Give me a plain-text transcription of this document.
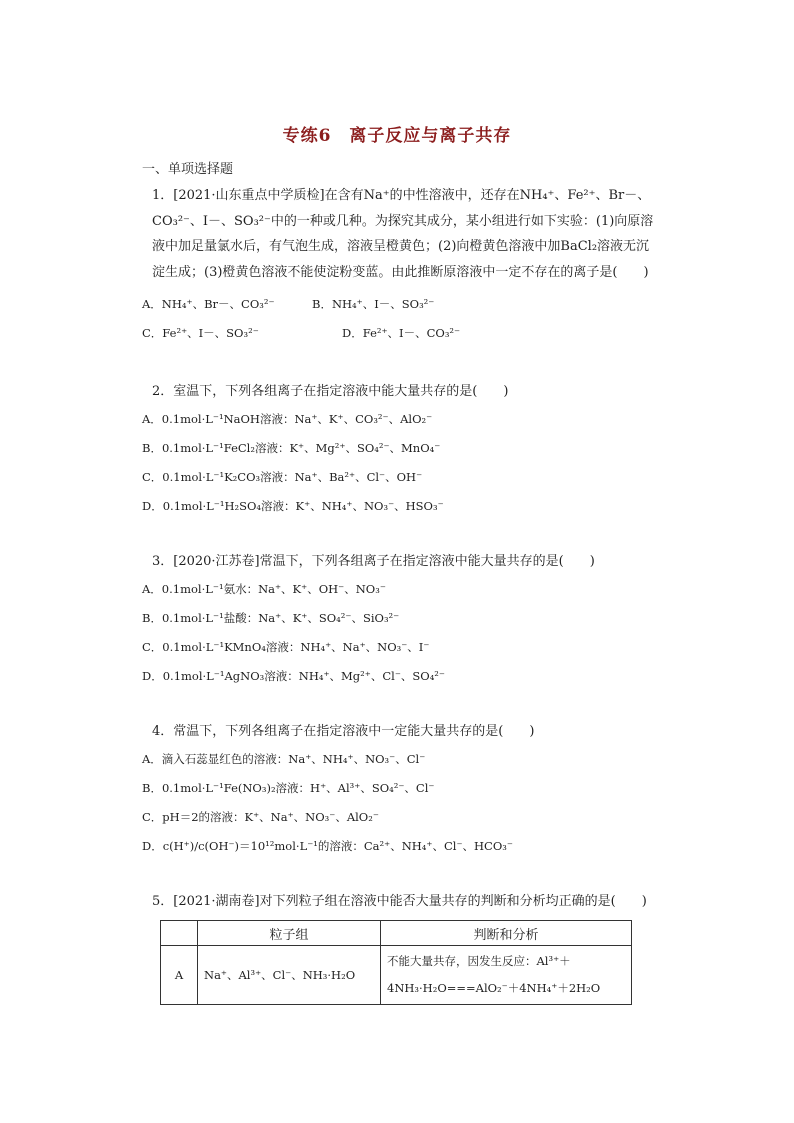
专练6　离子反应与离子共存
一、单项选择题
1．[2021·山东重点中学质检]在含有Na⁺的中性溶液中，还存在NH₄⁺、Fe²⁺、Br－、CO₃²⁻、I－、SO₃²⁻中的一种或几种。为探究其成分，某小组进行如下实验：(1)向原溶液中加足量氯水后，有气泡生成，溶液呈橙黄色；(2)向橙黄色溶液中加BaCl₂溶液无沉淀生成；(3)橙黄色溶液不能使淀粉变蓝。由此推断原溶液中一定不存在的离子是(　　)
A．NH₄⁺、Br－、CO₃²⁻	B．NH₄⁺、I－、SO₃²⁻
C．Fe²⁺、I－、SO₃²⁻	D．Fe²⁺、I－、CO₃²⁻
2．室温下，下列各组离子在指定溶液中能大量共存的是(　　)
A．0.1mol·L⁻¹NaOH溶液：Na⁺、K⁺、CO₃²⁻、AlO₂⁻
B．0.1mol·L⁻¹FeCl₂溶液：K⁺、Mg²⁺、SO₄²⁻、MnO₄⁻
C．0.1mol·L⁻¹K₂CO₃溶液：Na⁺、Ba²⁺、Cl⁻、OH⁻
D．0.1mol·L⁻¹H₂SO₄溶液：K⁺、NH₄⁺、NO₃⁻、HSO₃⁻
3．[2020·江苏卷]常温下，下列各组离子在指定溶液中能大量共存的是(　　)
A．0.1mol·L⁻¹氨水：Na⁺、K⁺、OH⁻、NO₃⁻
B．0.1mol·L⁻¹盐酸：Na⁺、K⁺、SO₄²⁻、SiO₃²⁻
C．0.1mol·L⁻¹KMnO₄溶液：NH₄⁺、Na⁺、NO₃⁻、I⁻
D．0.1mol·L⁻¹AgNO₃溶液：NH₄⁺、Mg²⁺、Cl⁻、SO₄²⁻
4．常温下，下列各组离子在指定溶液中一定能大量共存的是(　　)
A．滴入石蕊显红色的溶液：Na⁺、NH₄⁺、NO₃⁻、Cl⁻
B．0.1mol·L⁻¹Fe(NO₃)₂溶液：H⁺、Al³⁺、SO₄²⁻、Cl⁻
C．pH＝2的溶液：K⁺、Na⁺、NO₃⁻、AlO₂⁻
D．c(H⁺)/c(OH⁻)＝10¹²mol·L⁻¹的溶液：Ca²⁺、NH₄⁺、Cl⁻、HCO₃⁻
5．[2021·湖南卷]对下列粒子组在溶液中能否大量共存的判断和分析均正确的是(　　)
	粒子组	判断和分析
A	Na⁺、Al³⁺、Cl⁻、NH₃·H₂O	不能大量共存，因发生反应：Al³⁺＋
4NH₃·H₂O===AlO₂⁻＋4NH₄⁺＋2H₂O
